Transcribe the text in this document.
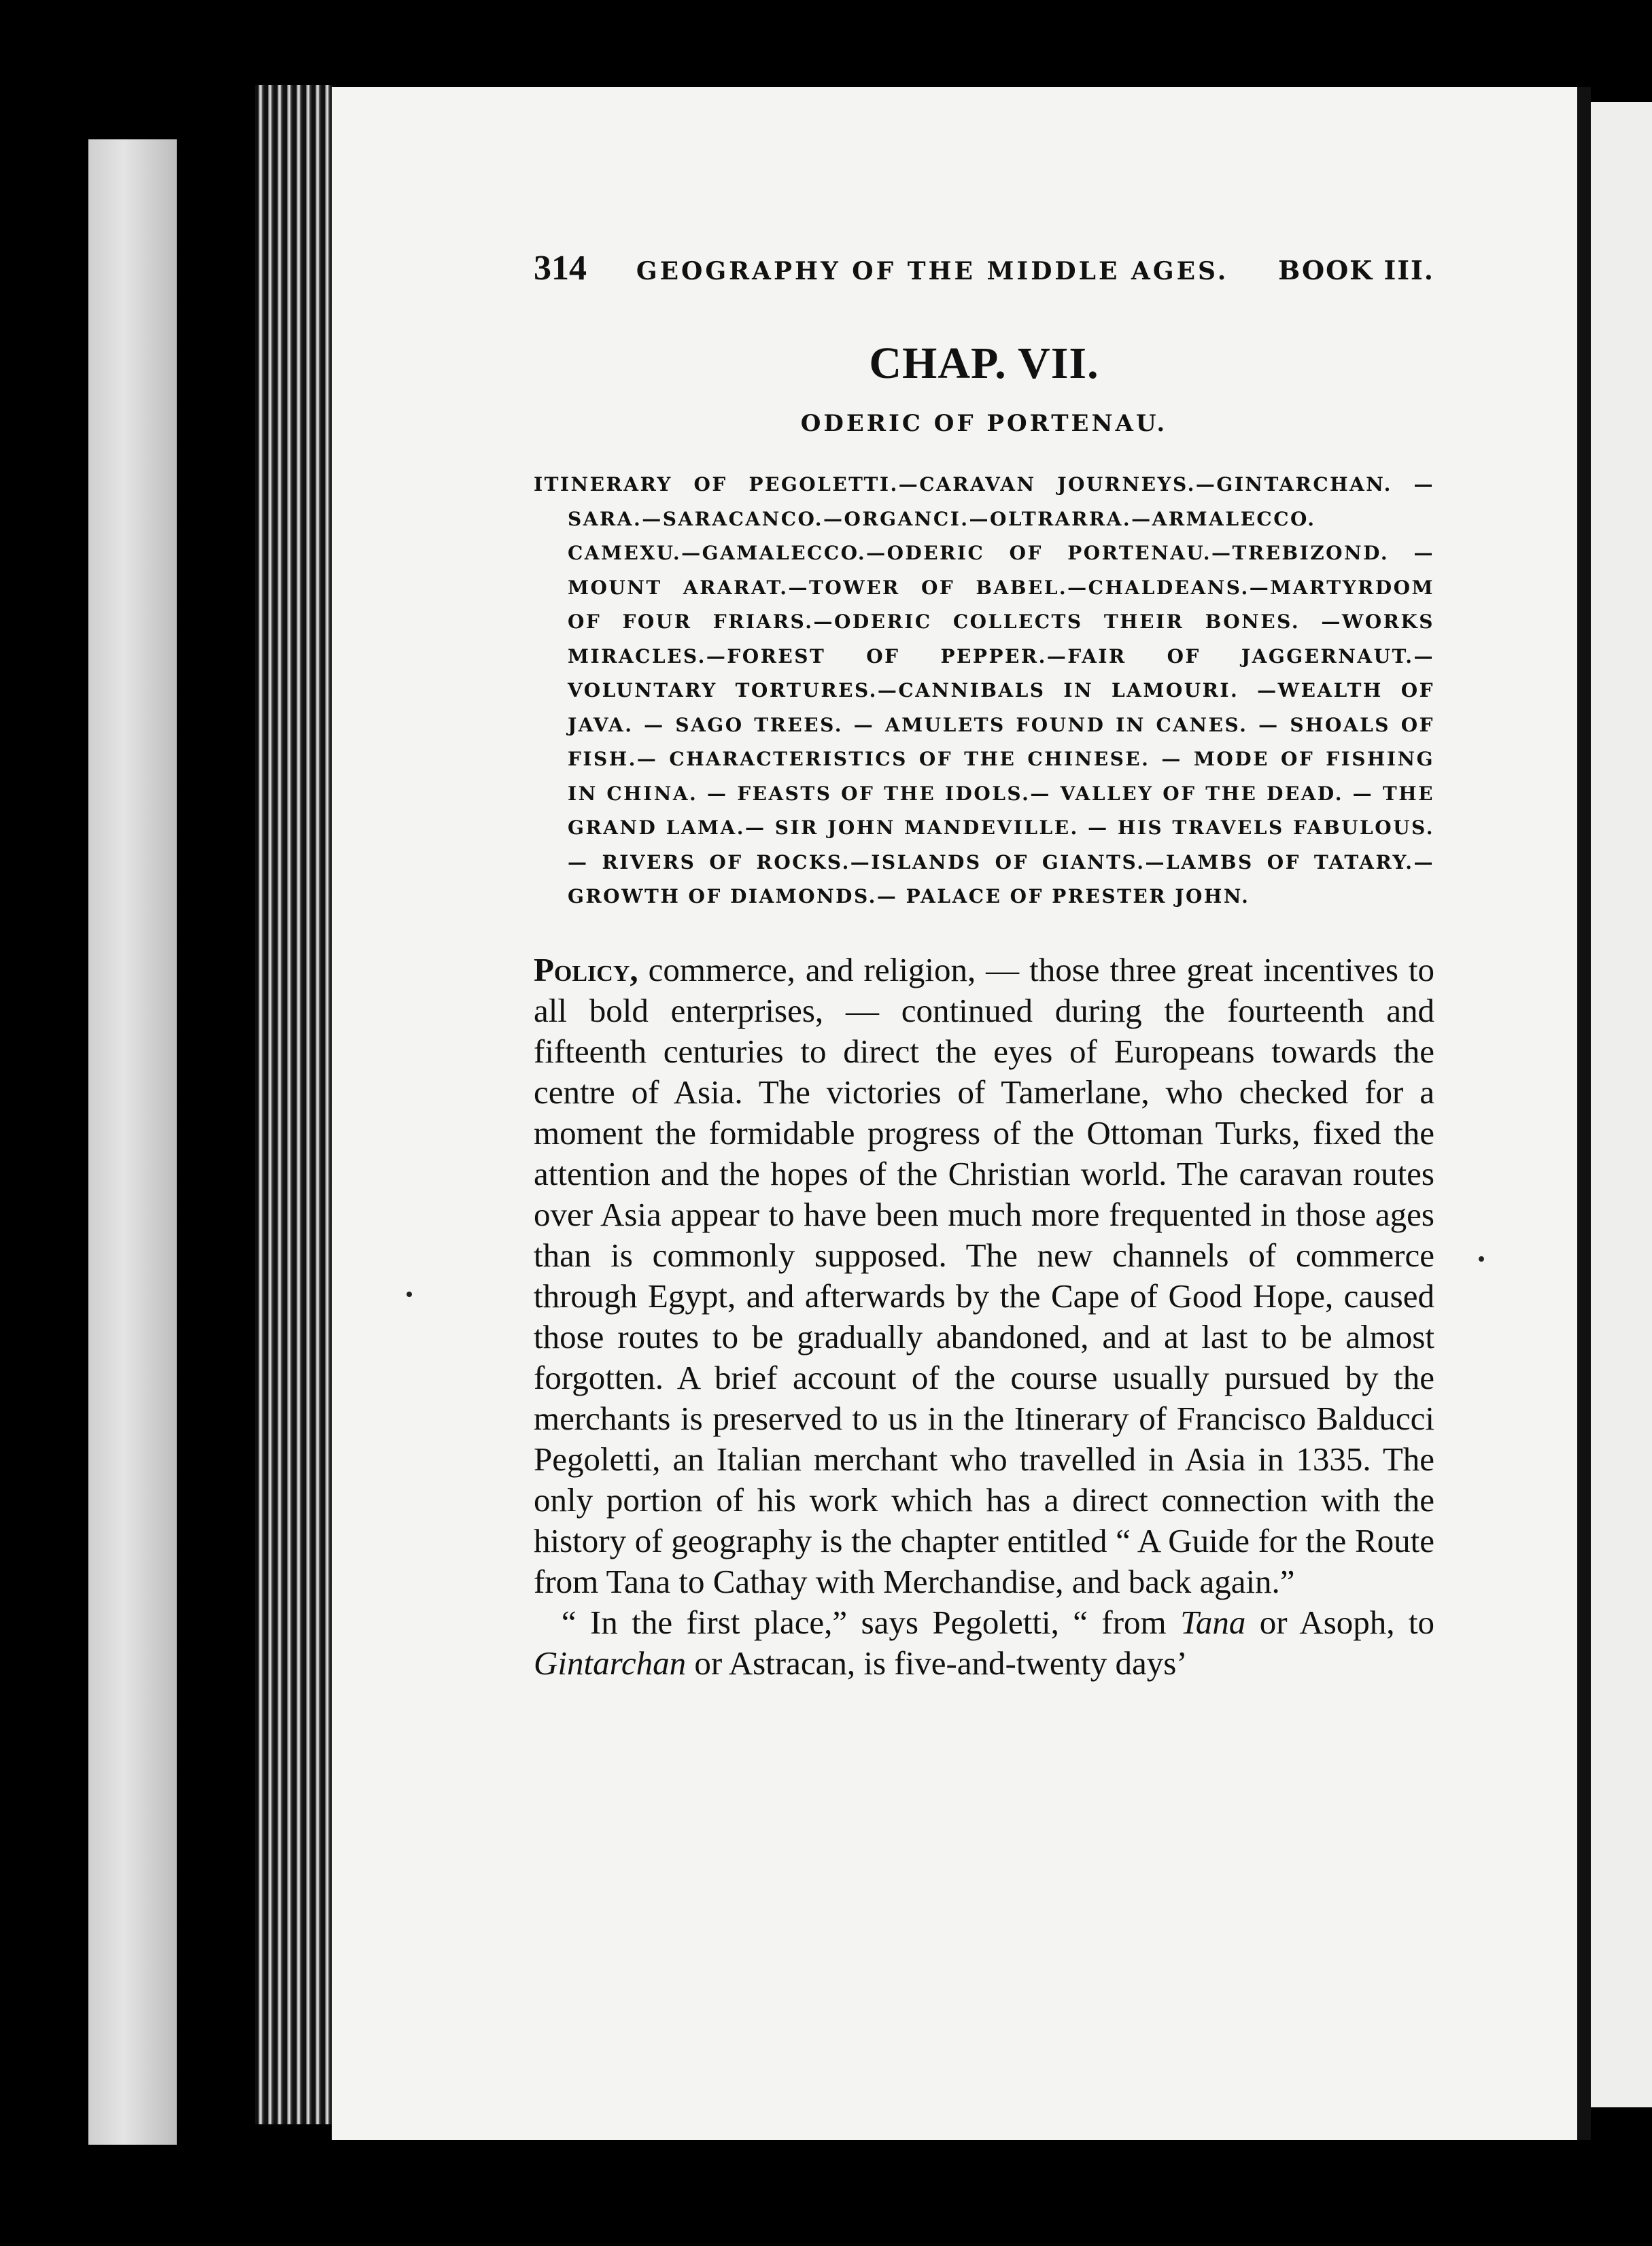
314 GEOGRAPHY OF THE MIDDLE AGES. BOOK III.
CHAP. VII.
ODERIC OF PORTENAU.
ITINERARY OF PEGOLETTI.—CARAVAN JOURNEYS.—GINTARCHAN. —SARA.—SARACANCO.—ORGANCI.—OLTRARRA.—ARMALECCO. CAMEXU.—GAMALECCO.—ODERIC OF PORTENAU.—TREBIZOND. —MOUNT ARARAT.—TOWER OF BABEL.—CHALDEANS.—MARTYRDOM OF FOUR FRIARS.—ODERIC COLLECTS THEIR BONES. —WORKS MIRACLES.—FOREST OF PEPPER.—FAIR OF JAGGERNAUT.—VOLUNTARY TORTURES.—CANNIBALS IN LAMOURI. —WEALTH OF JAVA. — SAGO TREES. — AMULETS FOUND IN CANES. — SHOALS OF FISH.— CHARACTERISTICS OF THE CHINESE. — MODE OF FISHING IN CHINA. — FEASTS OF THE IDOLS.— VALLEY OF THE DEAD. — THE GRAND LAMA.— SIR JOHN MANDEVILLE. — HIS TRAVELS FABULOUS. — RIVERS OF ROCKS.—ISLANDS OF GIANTS.—LAMBS OF TATARY.—GROWTH OF DIAMONDS.— PALACE OF PRESTER JOHN.

Policy, commerce, and religion, — those three great incentives to all bold enterprises, — continued during the fourteenth and fifteenth centuries to direct the eyes of Europeans towards the centre of Asia. The victories of Tamerlane, who checked for a moment the formidable progress of the Ottoman Turks, fixed the attention and the hopes of the Christian world. The caravan routes over Asia appear to have been much more frequented in those ages than is commonly supposed. The new channels of commerce through Egypt, and afterwards by the Cape of Good Hope, caused those routes to be gradually abandoned, and at last to be almost forgotten. A brief account of the course usually pursued by the merchants is preserved to us in the Itinerary of Francisco Balducci Pegoletti, an Italian merchant who travelled in Asia in 1335. The only portion of his work which has a direct connection with the history of geography is the chapter entitled “ A Guide for the Route from Tana to Cathay with Merchandise, and back again.”

“ In the first place,” says Pegoletti, “ from Tana or Asoph, to Gintarchan or Astracan, is five-and-twenty days’
